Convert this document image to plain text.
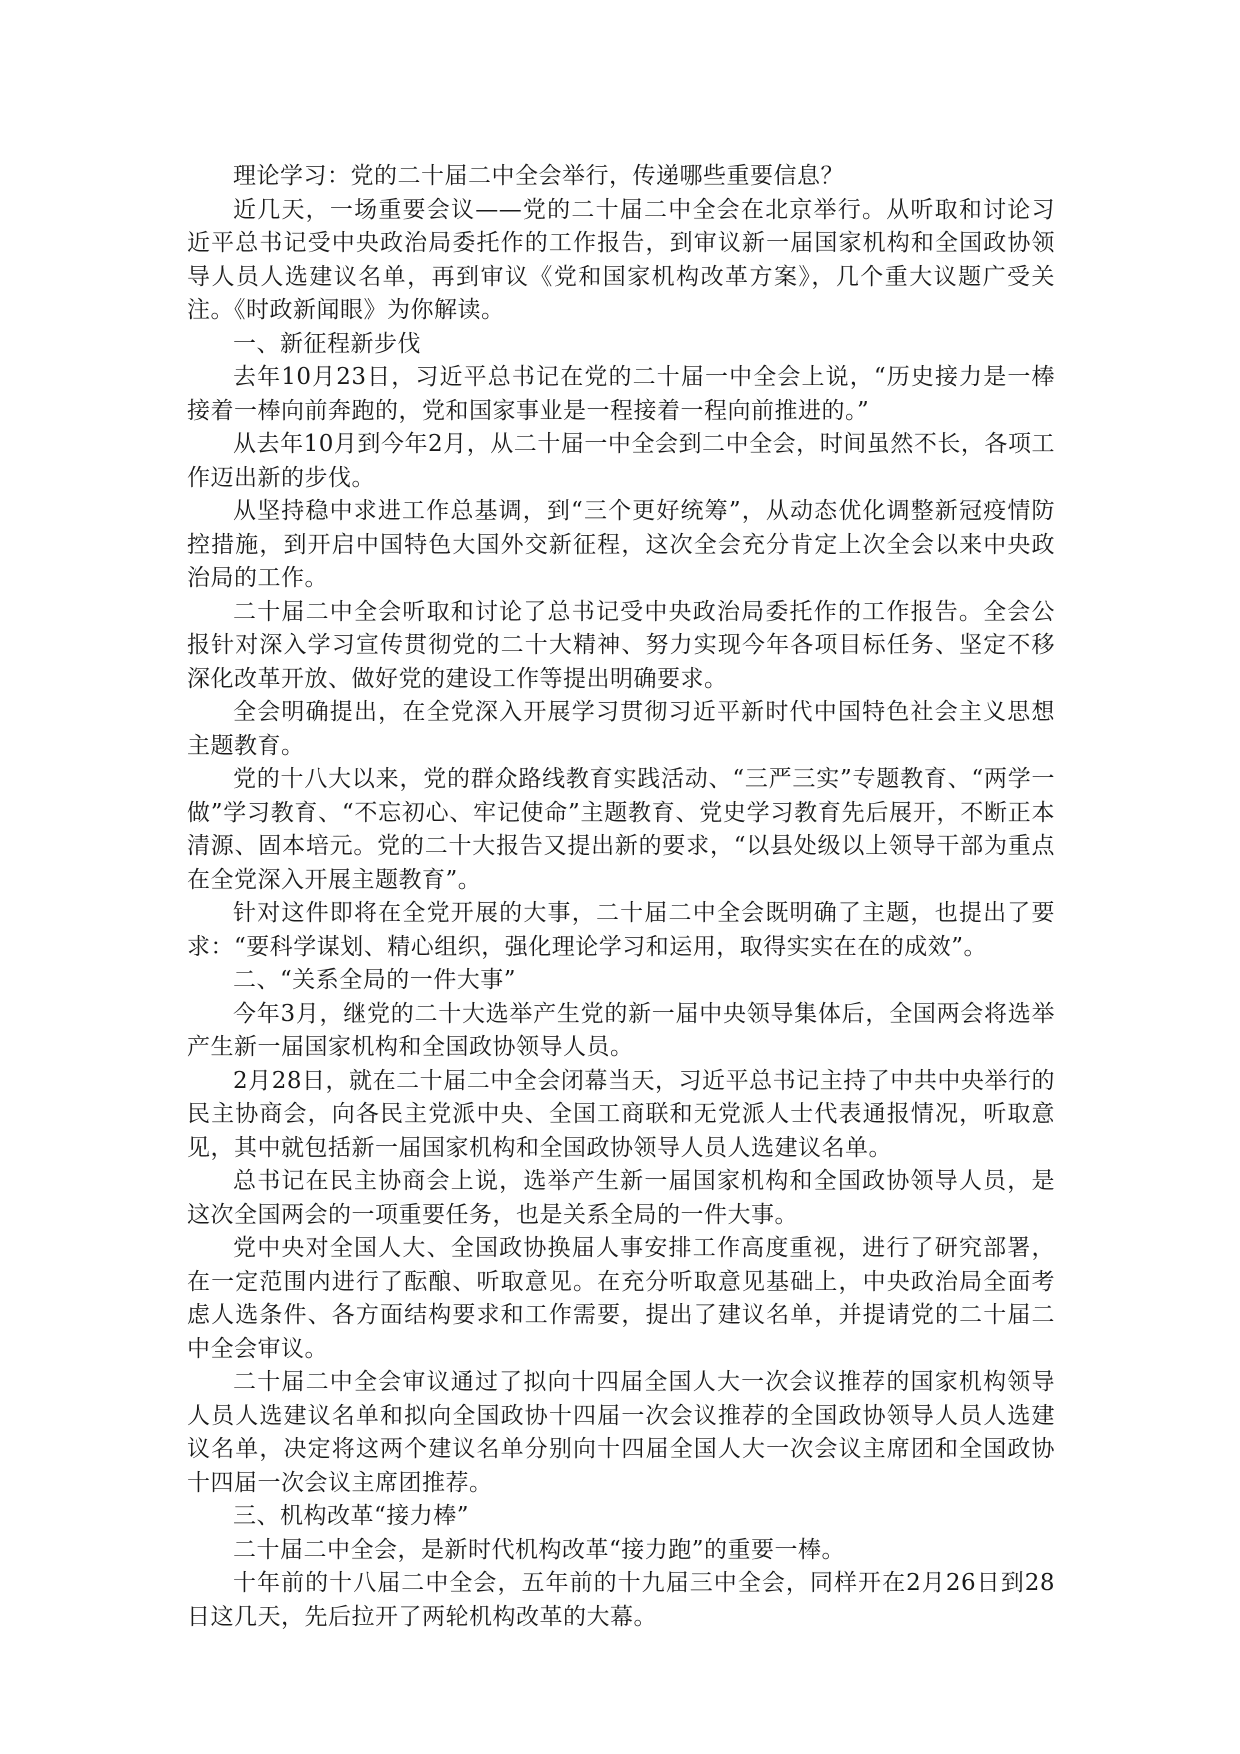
理论学习：党的二十届二中全会举行，传递哪些重要信息？

近几天，一场重要会议——党的二十届二中全会在北京举行。从听取和讨论习近平总书记受中央政治局委托作的工作报告，到审议新一届国家机构和全国政协领导人员人选建议名单，再到审议《党和国家机构改革方案》，几个重大议题广受关注。《时政新闻眼》为你解读。

一、新征程新步伐

去年10月23日，习近平总书记在党的二十届一中全会上说，“历史接力是一棒接着一棒向前奔跑的，党和国家事业是一程接着一程向前推进的。”

从去年10月到今年2月，从二十届一中全会到二中全会，时间虽然不长，各项工作迈出新的步伐。

从坚持稳中求进工作总基调，到“三个更好统筹”，从动态优化调整新冠疫情防控措施，到开启中国特色大国外交新征程，这次全会充分肯定上次全会以来中央政治局的工作。

二十届二中全会听取和讨论了总书记受中央政治局委托作的工作报告。全会公报针对深入学习宣传贯彻党的二十大精神、努力实现今年各项目标任务、坚定不移深化改革开放、做好党的建设工作等提出明确要求。

全会明确提出，在全党深入开展学习贯彻习近平新时代中国特色社会主义思想主题教育。

党的十八大以来，党的群众路线教育实践活动、“三严三实”专题教育、“两学一做”学习教育、“不忘初心、牢记使命”主题教育、党史学习教育先后展开，不断正本清源、固本培元。党的二十大报告又提出新的要求，“以县处级以上领导干部为重点在全党深入开展主题教育”。

针对这件即将在全党开展的大事，二十届二中全会既明确了主题，也提出了要求：“要科学谋划、精心组织，强化理论学习和运用，取得实实在在的成效”。

二、“关系全局的一件大事”

今年3月，继党的二十大选举产生党的新一届中央领导集体后，全国两会将选举产生新一届国家机构和全国政协领导人员。

2月28日，就在二十届二中全会闭幕当天，习近平总书记主持了中共中央举行的民主协商会，向各民主党派中央、全国工商联和无党派人士代表通报情况，听取意见，其中就包括新一届国家机构和全国政协领导人员人选建议名单。

总书记在民主协商会上说，选举产生新一届国家机构和全国政协领导人员，是这次全国两会的一项重要任务，也是关系全局的一件大事。

党中央对全国人大、全国政协换届人事安排工作高度重视，进行了研究部署，在一定范围内进行了酝酿、听取意见。在充分听取意见基础上，中央政治局全面考虑人选条件、各方面结构要求和工作需要，提出了建议名单，并提请党的二十届二中全会审议。

二十届二中全会审议通过了拟向十四届全国人大一次会议推荐的国家机构领导人员人选建议名单和拟向全国政协十四届一次会议推荐的全国政协领导人员人选建议名单，决定将这两个建议名单分别向十四届全国人大一次会议主席团和全国政协十四届一次会议主席团推荐。

三、机构改革“接力棒”

二十届二中全会，是新时代机构改革“接力跑”的重要一棒。

十年前的十八届二中全会，五年前的十九届三中全会，同样开在2月26日到28日这几天，先后拉开了两轮机构改革的大幕。
